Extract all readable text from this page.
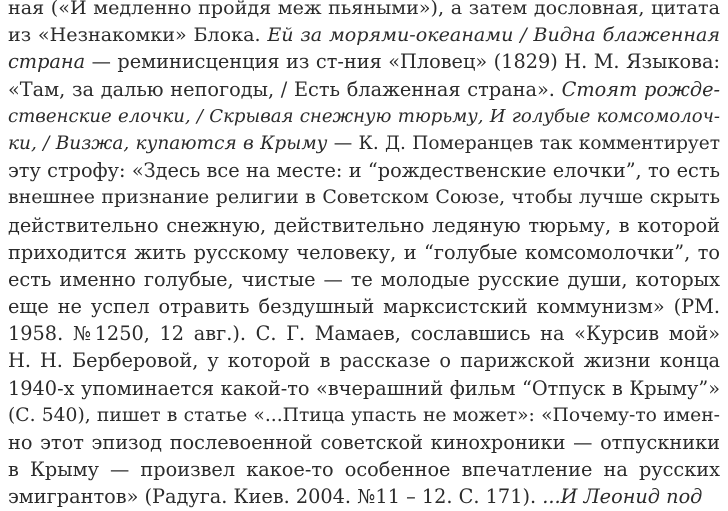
ная («И медленно пройдя меж пьяными»), а затем дословная, цитата
из «Незнакомки» Блока. Ей за морями-океанами / Видна блаженная
страна — реминисценция из ст-ния «Пловец» (1829) Н. М. Языкова:
«Там, за далью непогоды, / Есть блаженная страна». Стоят рожде-
ственские елочки, / Скрывая снежную тюрьму, И голубые комсомолоч-
ки, / Визжа, купаются в Крыму — К. Д. Померанцев так комментирует
эту строфу: «Здесь все на месте: и “рождественские елочки”, то есть
внешнее признание религии в Советском Союзе, чтобы лучше скрыть
действительно снежную, действительно ледяную тюрьму, в которой
приходится жить русскому человеку, и “голубые комсомолочки”, то
есть именно голубые, чистые — те молодые русские души, которых
еще не успел отравить бездушный марксистский коммунизм» (РМ.
1958. №1250, 12 авг.). С. Г. Мамаев, сославшись на «Курсив мой»
Н. Н. Берберовой, у которой в рассказе о парижской жизни конца
1940-х упоминается какой-то «вчерашний фильм “Отпуск в Крыму”»
(С. 540), пишет в статье «...Птица упасть не может»: «Почему-то имен-
но этот эпизод послевоенной советской кинохроники — отпускники
в Крыму — произвел какое-то особенное впечатление на русских
эмигрантов» (Радуга. Киев. 2004. №11 – 12. С. 171). ...И Леонид под
